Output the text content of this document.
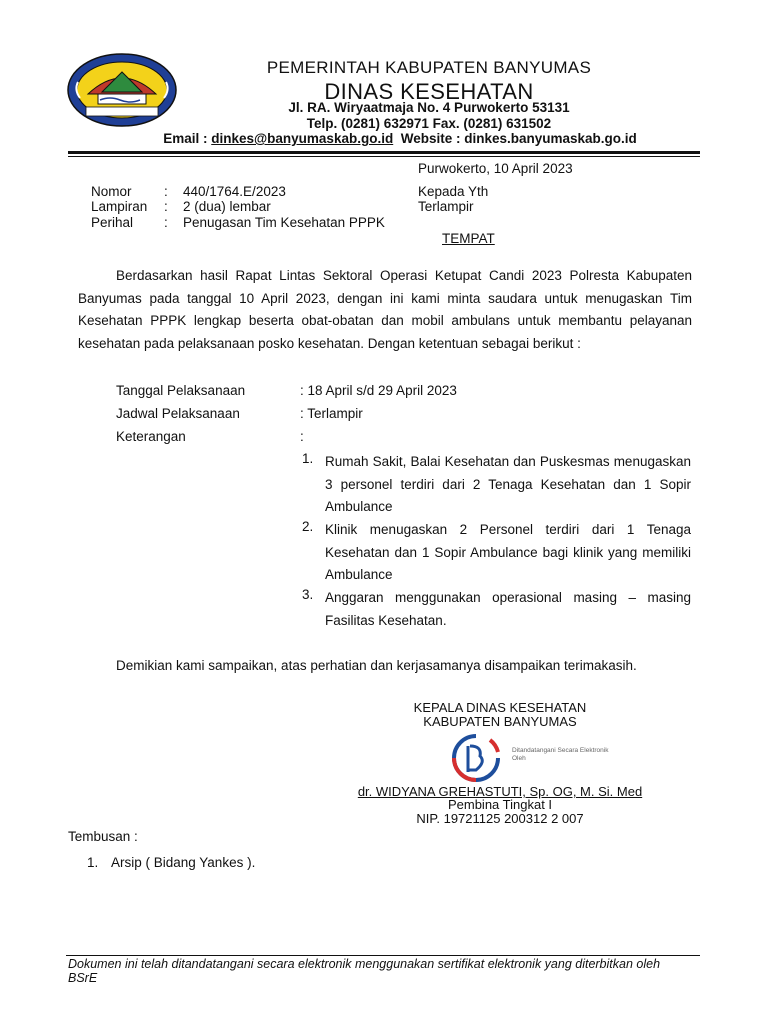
PEMERINTAH KABUPATEN BANYUMAS
DINAS KESEHATAN
Jl. RA. Wiryaatmaja No. 4 Purwokerto 53131
Telp. (0281) 632971 Fax. (0281) 631502
Email : dinkes@banyumaskab.go.id Website : dinkes.banyumaskab.go.id
Purwokerto, 10 April 2023
Nomor : 440/1764.E/2023
Lampiran : 2 (dua) lembar
Perihal : Penugasan Tim Kesehatan PPPK
Kepada Yth
Terlampir
TEMPAT
Berdasarkan hasil Rapat Lintas Sektoral Operasi Ketupat Candi 2023 Polresta Kabupaten Banyumas pada tanggal 10 April 2023, dengan ini kami minta saudara untuk menugaskan Tim Kesehatan PPPK lengkap beserta obat-obatan dan mobil ambulans untuk membantu pelayanan kesehatan pada pelaksanaan posko kesehatan. Dengan ketentuan sebagai berikut :
Tanggal Pelaksanaan	: 18 April s/d 29 April 2023
Jadwal Pelaksanaan	: Terlampir
Keterangan	:
1. Rumah Sakit, Balai Kesehatan dan Puskesmas menugaskan 3 personel terdiri dari 2 Tenaga Kesehatan dan 1 Sopir Ambulance
2. Klinik menugaskan 2 Personel terdiri dari 1 Tenaga Kesehatan dan 1 Sopir Ambulance bagi klinik yang memiliki Ambulance
3. Anggaran menggunakan operasional masing – masing Fasilitas Kesehatan.
Demikian kami sampaikan, atas perhatian dan kerjasamanya disampaikan terimakasih.
KEPALA DINAS KESEHATAN
KABUPATEN BANYUMAS
Ditandatangani Secara Elektronik Oleh
dr. WIDYANA GREHASTUTI, Sp. OG, M. Si. Med
Pembina Tingkat I
NIP. 19721125 200312 2 007
Tembusan :
1. Arsip ( Bidang Yankes ).
Dokumen ini telah ditandatangani secara elektronik menggunakan sertifikat elektronik yang diterbitkan oleh BSrE
